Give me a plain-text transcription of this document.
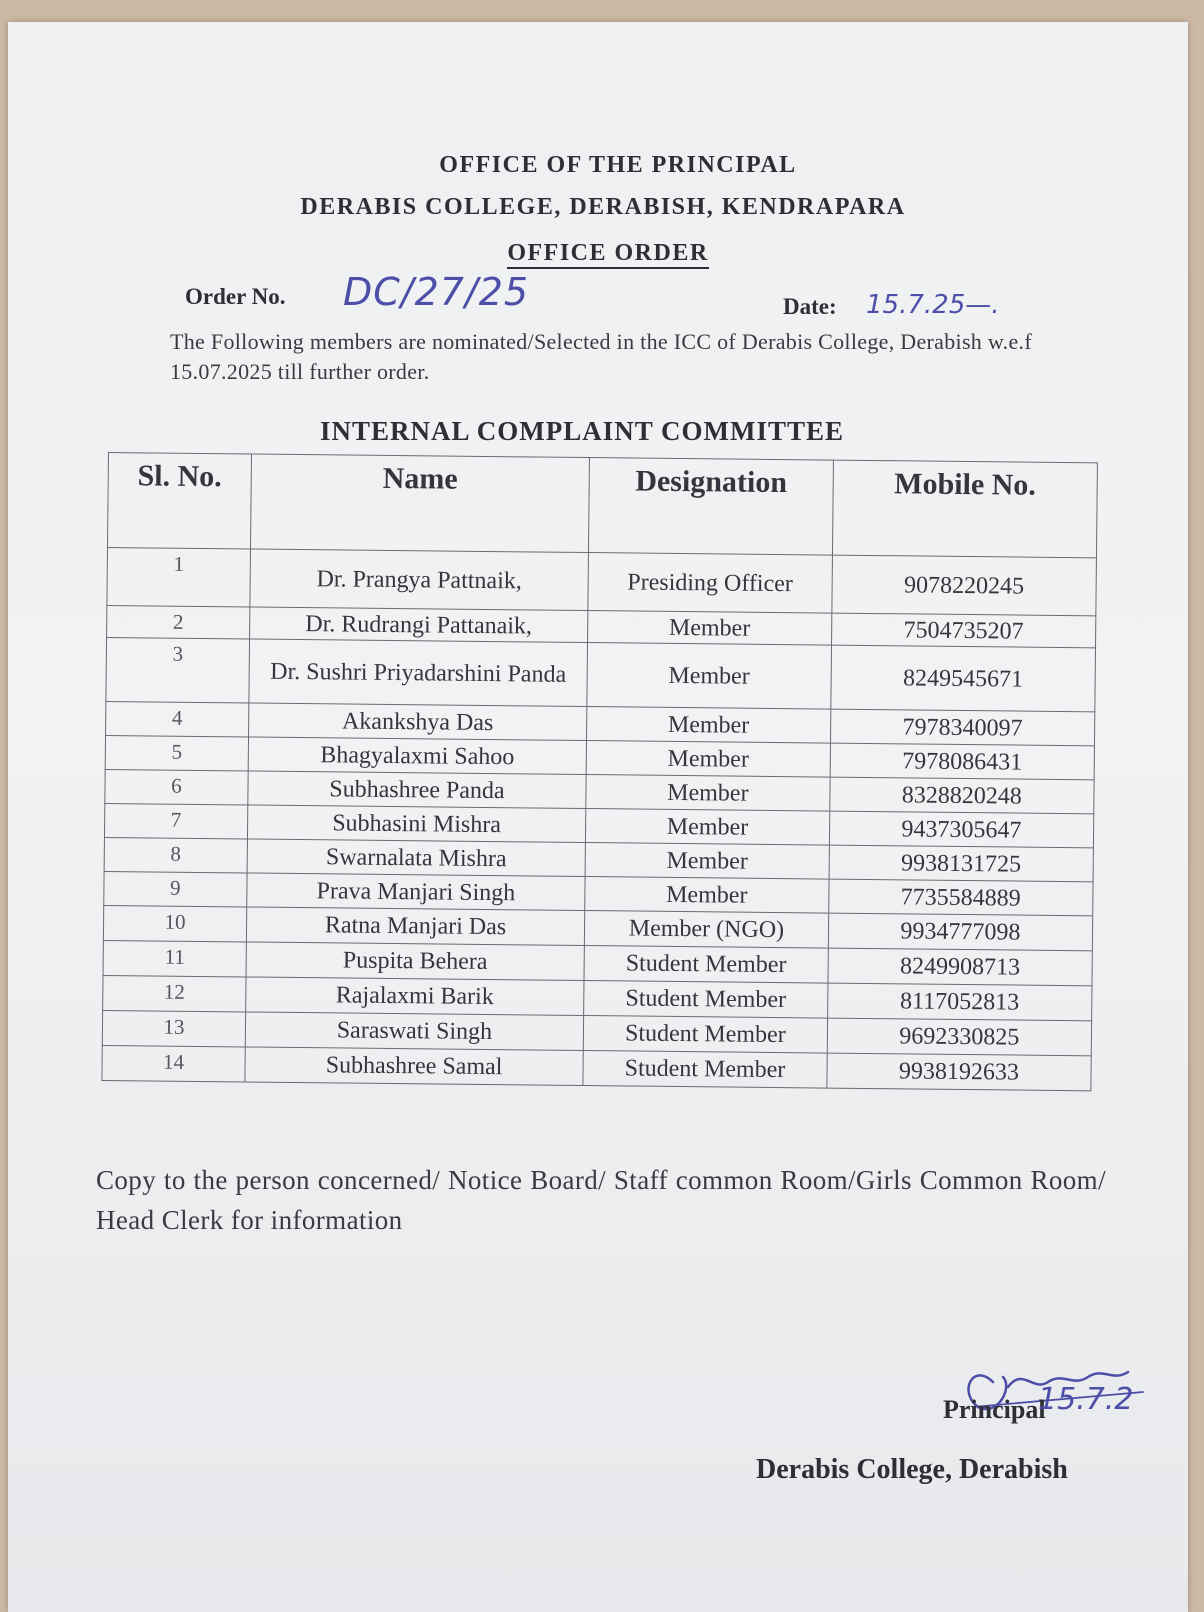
OFFICE OF THE PRINCIPAL
DERABIS COLLEGE, DERABISH, KENDRAPARA
OFFICE ORDER
Order No. DC/27/25	Date: 15.7.25—.
The Following members are nominated/Selected in the ICC of Derabis College, Derabish w.e.f 15.07.2025 till further order.
INTERNAL COMPLAINT COMMITTEE
Sl. No.	Name	Designation	Mobile No.
1	Dr. Prangya Pattnaik,	Presiding Officer	9078220245
2	Dr. Rudrangi Pattanaik,	Member	7504735207
3	Dr. Sushri Priyadarshini Panda	Member	8249545671
4	Akankshya Das	Member	7978340097
5	Bhagyalaxmi Sahoo	Member	7978086431
6	Subhashree Panda	Member	8328820248
7	Subhasini Mishra	Member	9437305647
8	Swarnalata Mishra	Member	9938131725
9	Prava Manjari Singh	Member	7735584889
10	Ratna Manjari Das	Member (NGO)	9934777098
11	Puspita Behera	Student Member	8249908713
12	Rajalaxmi Barik	Student Member	8117052813
13	Saraswati Singh	Student Member	9692330825
14	Subhashree Samal	Student Member	9938192633
Copy to the person concerned/ Notice Board/ Staff common Room/Girls Common Room/ Head Clerk for information
Principal
15.7.2
Derabis College, Derabish
